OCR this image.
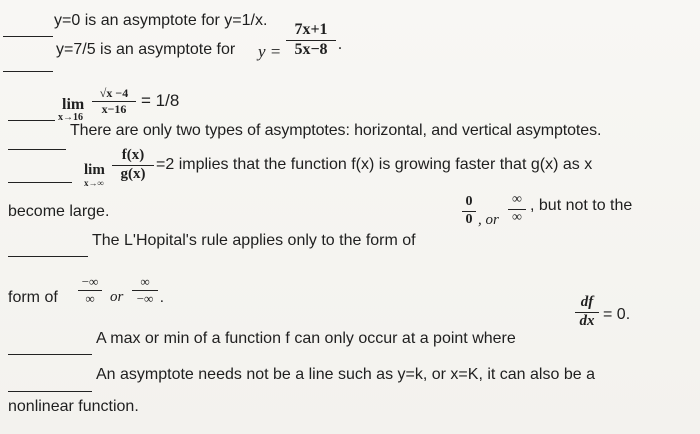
y=0 is an asymptote for y=1/x.
y=7/5 is an asymptote for y =
7x+1
5x−8 .
lim
x→16
√x −4
x−16 = 1/8
There are only two types of asymptotes: horizontal, and vertical asymptotes.
lim
x→∞
f(x)
g(x)
=2 implies that the function f(x) is growing faster that g(x) as x
become large.
The L'Hopital's rule applies only to the form of
0
0 , or
∞
∞
, but not to the
form of
−∞
∞	or
∞
−∞ .
A max or min of a function f can only occur at a point where
df
dx = 0.
An asymptote needs not be a line such as y=k, or x=K, it can also be a
nonlinear function.
